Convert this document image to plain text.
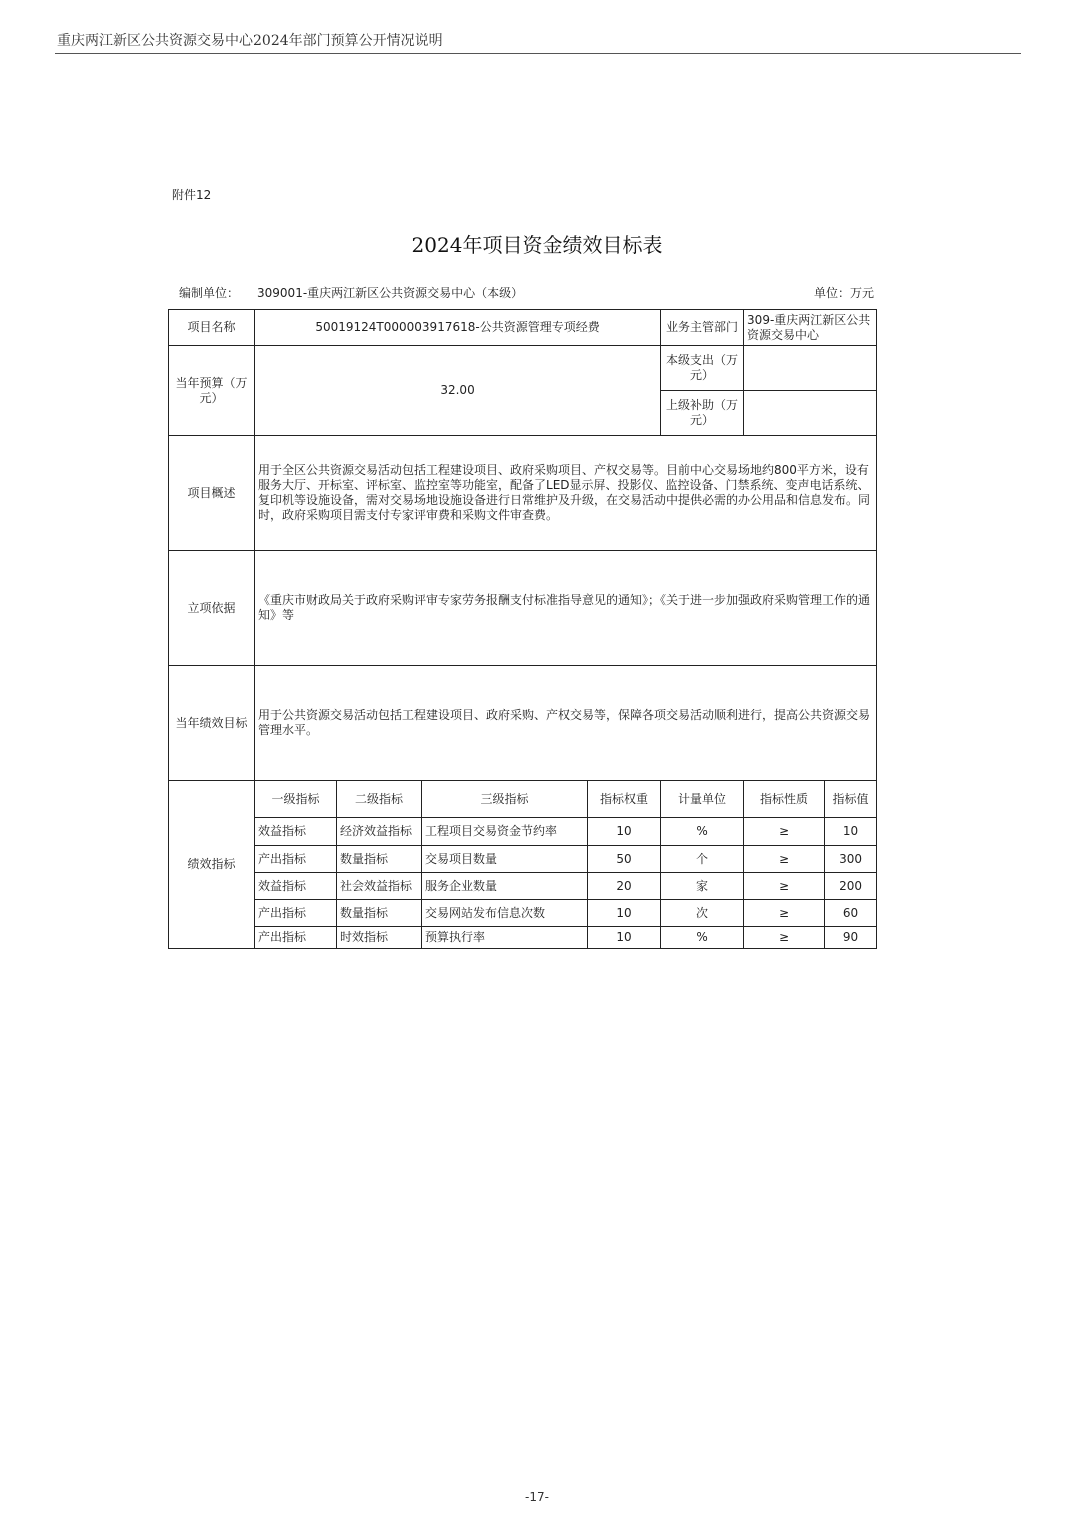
重庆两江新区公共资源交易中心2024年部门预算公开情况说明
附件12
2024年项目资金绩效目标表
编制单位： 309001-重庆两江新区公共资源交易中心（本级）	单位：万元
项目名称	50019124T000003917618-公共资源管理专项经费				业务主管部门	309-重庆两江新区公共资源交易中心	
当年预算（万元）	32.00				本级支出（万元）		
					上级补助（万元）		
项目概述	用于全区公共资源交易活动包括工程建设项目、政府采购项目、产权交易等。目前中心交易场地约800平方米，设有服务大厅、开标室、评标室、监控室等功能室，配备了LED显示屏、投影仪、监控设备、门禁系统、变声电话系统、复印机等设施设备，需对交易场地设施设备进行日常维护及升级，在交易活动中提供必需的办公用品和信息发布。同时，政府采购项目需支付专家评审费和采购文件审查费。						
立项依据	《重庆市财政局关于政府采购评审专家劳务报酬支付标准指导意见的通知》；《关于进一步加强政府采购管理工作的通知》等						
当年绩效目标	用于公共资源交易活动包括工程建设项目、政府采购、产权交易等，保障各项交易活动顺利进行，提高公共资源交易管理水平。						
绩效指标	一级指标	二级指标	三级指标	指标权重	计量单位	指标性质	指标值
	效益指标	经济效益指标	工程项目交易资金节约率	10	%	≥	10
	产出指标	数量指标	交易项目数量	50	个	≥	300
	效益指标	社会效益指标	服务企业数量	20	家	≥	200
	产出指标	数量指标	交易网站发布信息次数	10	次	≥	60
	产出指标	时效指标	预算执行率	10	%	≥	90
-17-
